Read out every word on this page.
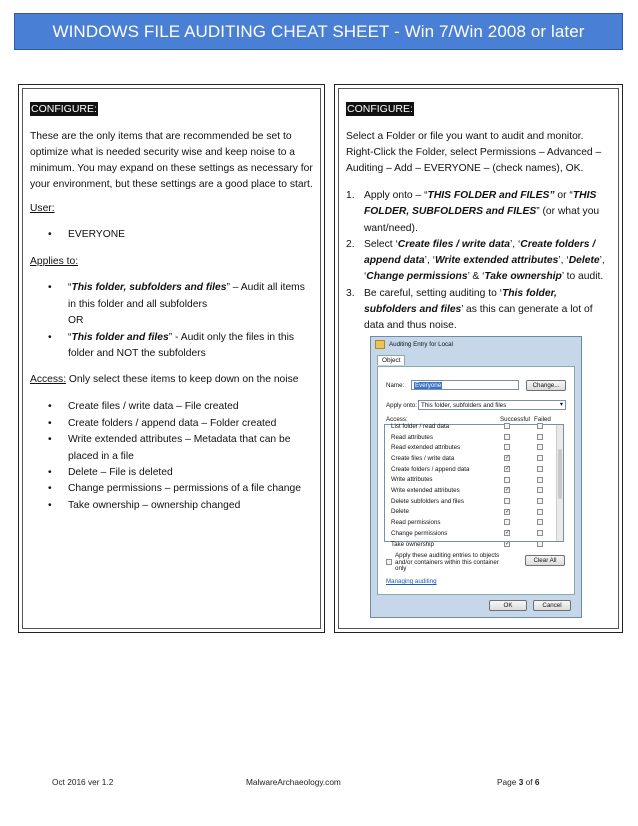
WINDOWS FILE AUDITING CHEAT SHEET - Win 7/Win 2008 or later
CONFIGURE:

These are the only items that are recommended be set to optimize what is needed security wise and keep noise to a minimum. You may expand on these settings as necessary for your environment, but these settings are a good place to start.

User:
• EVERYONE
Applies to:
• “This folder, subfolders and files” – Audit all items in this folder and all subfolders
OR
• “This folder and files” - Audit only the files in this folder and NOT the subfolders
Access: Only select these items to keep down on the noise
• Create files / write data – File created
• Create folders / append data – Folder created
• Write extended attributes – Metadata that can be placed in a file
• Delete – File is deleted
• Change permissions – permissions of a file change
• Take ownership – ownership changed
CONFIGURE:

Select a Folder or file you want to audit and monitor. Right-Click the Folder, select Permissions – Advanced – Auditing – Add – EVERYONE – (check names), OK.

1. Apply onto – “THIS FOLDER and FILES” or “THIS FOLDER, SUBFOLDERS and FILES” (or what you want/need).
2. Select ‘Create files / write data’, ‘Create folders / append data’, ‘Write extended attributes’, ‘Delete’, ‘Change permissions’ & ‘Take ownership’ to audit.
3. Be careful, setting auditing to ‘This folder, subfolders and files’ as this can generate a lot of data and thus noise.
Auditing Entry for Local
Object
Name: Everyone	Change...
Apply onto: This folder, subfolders and files	▾
Access:	Successful Failed
List folder / read data
Read attributes
Read extended attributes
Create files / write data	✓
Create folders / append data	✓
Write attributes
Write extended attributes	✓
Delete subfolders and files
Delete	✓
Read permissions
Change permissions	✓
Take ownership	✓
Apply these auditing entries to objects and/or containers within this container only
Clear All
Managing auditing
OK	Cancel
Oct 2016 ver 1.2	MalwareArchaeology.com	Page 3 of 6
